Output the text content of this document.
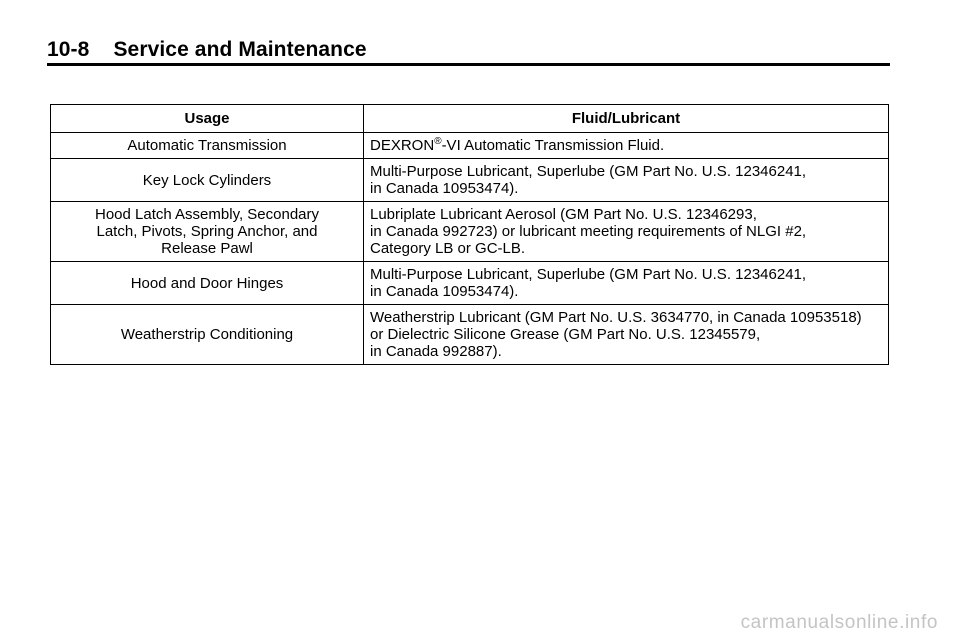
10-8 Service and Maintenance
Usage	Fluid/Lubricant

Automatic Transmission	DEXRON®-VI Automatic Transmission Fluid.

Key Lock Cylinders	Multi-Purpose Lubricant, Superlube (GM Part No. U.S. 12346241,
in Canada 10953474).

Hood Latch Assembly, Secondary
Latch, Pivots, Spring Anchor, and
Release Pawl	Lubriplate Lubricant Aerosol (GM Part No. U.S. 12346293,
in Canada 992723) or lubricant meeting requirements of NLGI #2,
Category LB or GC-LB.

Hood and Door Hinges	Multi-Purpose Lubricant, Superlube (GM Part No. U.S. 12346241,
in Canada 10953474).

Weatherstrip Conditioning	Weatherstrip Lubricant (GM Part No. U.S. 3634770, in Canada 10953518)
or Dielectric Silicone Grease (GM Part No. U.S. 12345579,
in Canada 992887).
carmanualsonline.info
